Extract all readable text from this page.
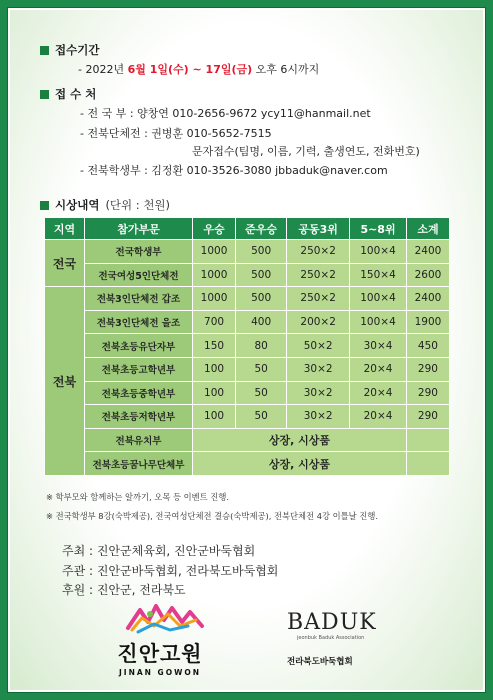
접수기간
- 2022년 6월 1일(수) ~ 17일(금) 오후 6시까지
접 수 처
- 전 국 부 : 양창연 010-2656-9672 ycy11@hanmail.net
- 전북단체전 : 권병훈 010-5652-7515
문자접수(팀명, 이름, 기력, 출생연도, 전화번호)
- 전북학생부 : 김정환 010-3526-3080 jbbaduk@naver.com
시상내역 (단위 : 천원)
지역	참가부문	우승	준우승	공동3위	5~8위	소계
전국	전국학생부	1000	500	250×2	100×4	2400
	전국여성5인단체전	1000	500	250×2	150×4	2600
전북	전북3인단체전 갑조	1000	500	250×2	100×4	2400
	전북3인단체전 을조	700	400	200×2	100×4	1900
	전북초등유단자부	150	80	50×2	30×4	450
	전북초등고학년부	100	50	30×2	20×4	290
	전북초등중학년부	100	50	30×2	20×4	290
	전북초등저학년부	100	50	30×2	20×4	290
	전북유치부	상장, 시상품				
	전북초등꿈나무단체부	상장, 시상품				
※ 학부모와 함께하는 알까기, 오목 등 이벤트 진행.
※ 전국학생부 8강(숙박제공), 전국여성단체전 결승(숙박제공), 전북단체전 4강 이틀날 진행.
주최 : 진안군체육회, 진안군바둑협회
주관 : 진안군바둑협회, 전라북도바둑협회
후원 : 진안군, 전라북도
진안고원
JINAN GOWON
BADUK
jeonbuk Baduk Association
전라북도바둑협회
